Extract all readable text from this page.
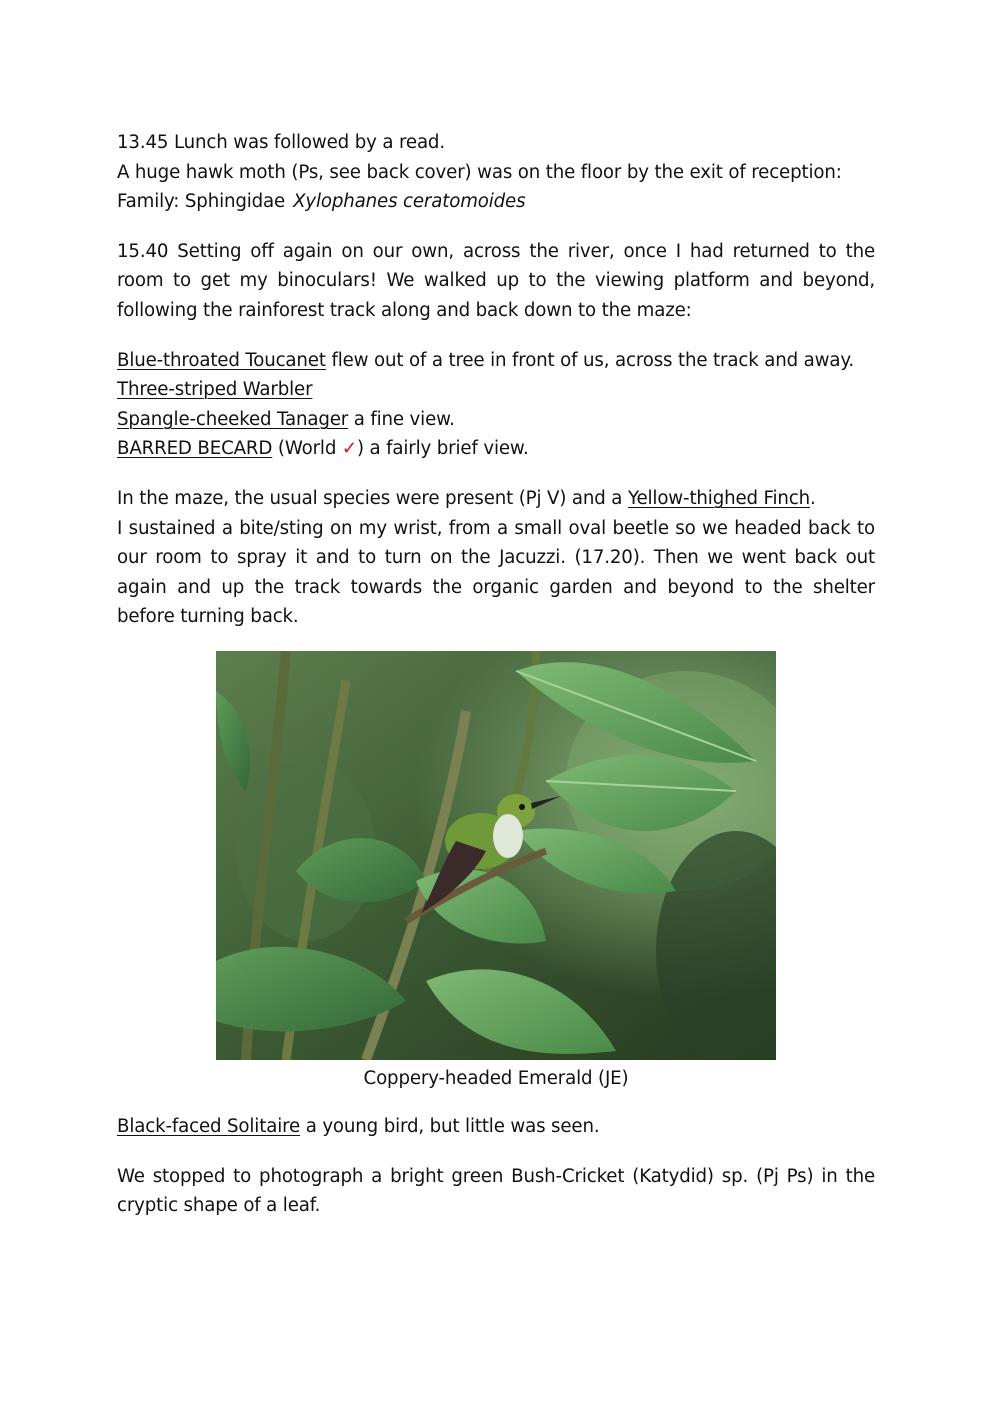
13.45 Lunch was followed by a read.
A huge hawk moth (Ps, see back cover) was on the floor by the exit of reception:
Family: Sphingidae Xylophanes ceratomoides

15.40 Setting off again on our own, across the river, once I had returned to the room to get my binoculars! We walked up to the viewing platform and beyond, following the rainforest track along and back down to the maze:

Blue-throated Toucanet flew out of a tree in front of us, across the track and away.
Three-striped Warbler
Spangle-cheeked Tanager a fine view.
BARRED BECARD (World ✓) a fairly brief view.

In the maze, the usual species were present (Pj V) and a Yellow-thighed Finch.
I sustained a bite/sting on my wrist, from a small oval beetle so we headed back to our room to spray it and to turn on the Jacuzzi. (17.20). Then we went back out again and up the track towards the organic garden and beyond to the shelter before turning back.

Coppery-headed Emerald (JE)

Black-faced Solitaire a young bird, but little was seen.

We stopped to photograph a bright green Bush-Cricket (Katydid) sp. (Pj Ps) in the cryptic shape of a leaf.
